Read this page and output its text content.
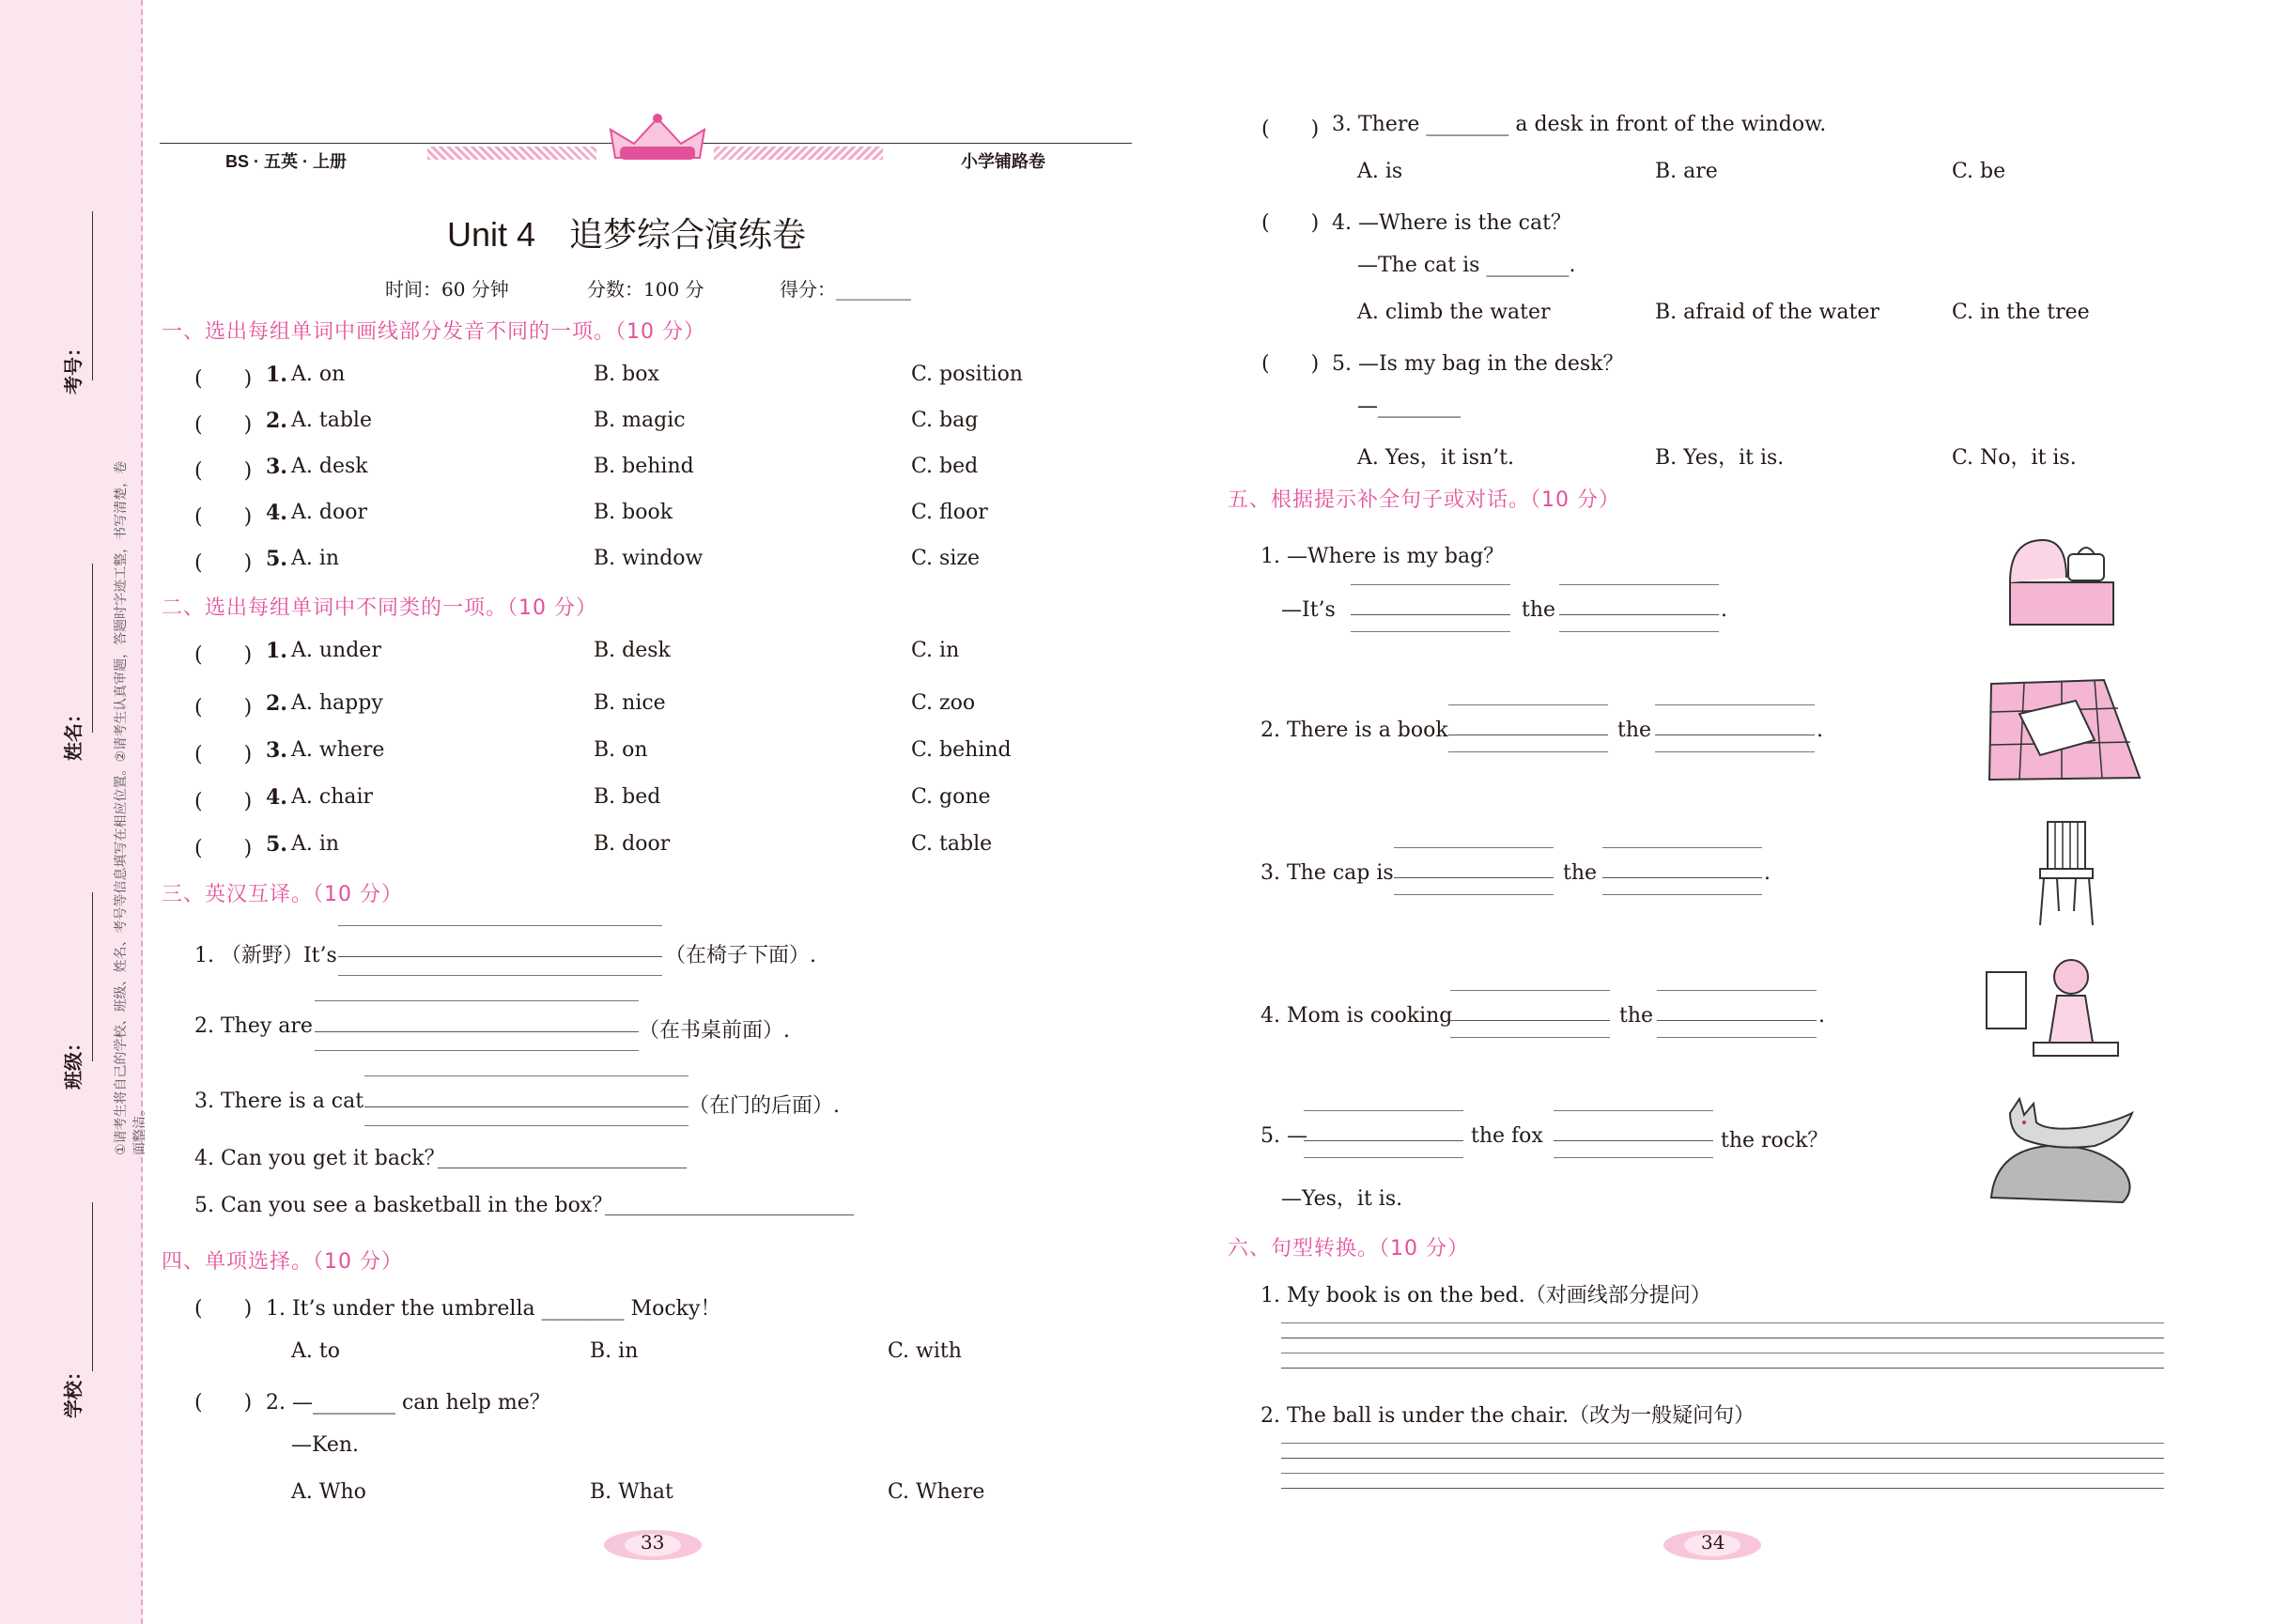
考号：
姓名：
班级：
学校：
①请考生将自己的学校、班级、姓名、考号等信息填写在相应位置。②请考生认真审题，答题时字迹工整，书写清楚，卷面整洁。
BS · 五英 · 上册	小学铺路卷
Unit 4　追梦综合演练卷
时间：60 分钟	分数：100 分	得分：________
一、选出每组单词中画线部分发音不同的一项。（10 分）
(　　) 1. A. on	B. box	C. position
(　　) 2. A. table	B. magic	C. bag
(　　) 3. A. desk	B. behind	C. bed
(　　) 4. A. door	B. book	C. floor
(　　) 5. A. in	B. window	C. size
二、选出每组单词中不同类的一项。（10 分）
(　　) 1. A. under	B. desk	C. in
(　　) 2. A. happy	B. nice	C. zoo
(　　) 3. A. where	B. on	C. behind
(　　) 4. A. chair	B. bed	C. gone
(　　) 5. A. in	B. door	C. table
三、英汉互译。（10 分）
1. （新野）It’s	（在椅子下面）.
2. They are	（在书桌前面）.
3. There is a cat	（在门的后面）.
4. Can you get it back？
5. Can you see a basketball in the box？
四、单项选择。（10 分）
(　　) 1. It’s under the umbrella ________ Mocky！
A. to	B. in	C. with
(　　) 2. —________ can help me？
—Ken.
A. Who	B. What	C. Where
33
(　　) 3. There ________ a desk in front of the window.
A. is	B. are	C. be
(　　) 4. —Where is the cat？
—The cat is ________.
A. climb the water	B. afraid of the water	C. in the tree
(　　) 5. —Is my bag in the desk？
—________
A. Yes，it isn’t.	B. Yes，it is.	C. No，it is.
五、根据提示补全句子或对话。（10 分）
1. —Where is my bag？
—It’s	the	.
2. There is a book	the	.
3. The cap is	the	.
4. Mom is cooking	the	.
5. —	the fox	the rock？
—Yes，it is.
六、句型转换。（10 分）
1. My book is on the bed.（对画线部分提问）
2. The ball is under the chair.（改为一般疑问句）
34
